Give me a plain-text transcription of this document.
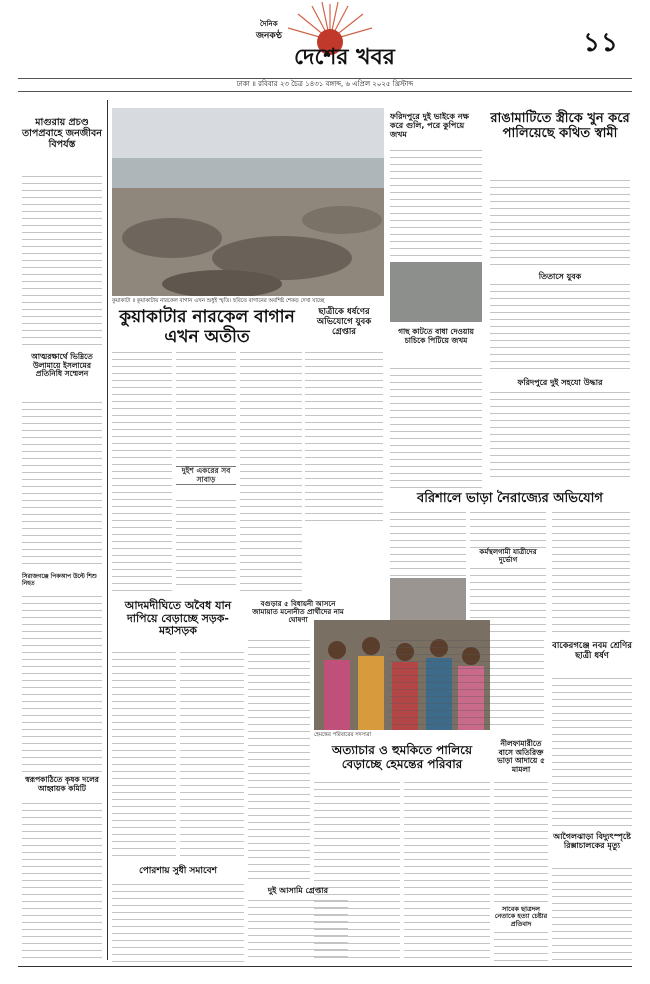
দৈনিক
জনকণ্ঠ
দেশের খবর	১১
ঢাকা ॥ রবিবার ২৩ চৈত্র ১৪৩১ বঙ্গাব্দ, ৬ এপ্রিল ২০২৫ খ্রিস্টাব্দ
মাগুরায় প্রচণ্ড তাপপ্রবাহে জনজীবন বিপর্যস্ত
আত্মরক্ষার্থে ভিম্নিতে উলামায়ে ইসলামের প্রতিনিধি সম্মেলন
সিরাজগঞ্জে পিকআপ উল্টে শিশু নিহত
স্বরূপকাঠিতে কৃষক দলের আহ্বায়ক কমিটি
কুয়াকাটা ॥ কুয়াকাটায় নারকেল বাগান এখন শুধুই স্মৃতি। ছবিতে বাগানের অবশিষ্ট শেকড় দেখা যাচ্ছে
কুয়াকাটার নারকেল বাগান এখন অতীত
ছাত্রীকে ধর্ষণের অভিযোগে যুবক গ্রেপ্তার
দুইশ একরের সব সাবাড়
ফরিদপুরে দুই ভাইকে নক্ষ করে গুলি, পরে কুপিয়ে জখম
গাছ কাটতে বাধা দেওয়ায় চাচিকে পিটিয়ে জখম
রাঙামাটিতে স্ত্রীকে খুন করে পালিয়েছে কথিত স্বামী
তিতাসে যুবক
ফরিদপুরে দুই সহযো উদ্ধার
বরিশালে ভাড়া নৈরাজ্যের অভিযোগ
কর্মস্থলগামী যাত্রীদের দুর্ভোগ
আদমদীঘিতে অবৈধ যান দাপিয়ে বেড়াচ্ছে সড়ক- মহাসড়ক
পোরশায় সুধী সমাবেশ
বগুড়ার ৫ বিধায়নী আসনে জামায়াত মনোনীত প্রার্থীদের নাম ঘোষণা
দুই আসামি গ্রেপ্তার
হেমন্তের পরিবারের সদস্যরা
অত্যাচার ও হুমকিতে পালিয়ে বেড়াচ্ছে হেমন্তের পরিবার
বাকেরগঞ্জে নবম শ্রেণির ছাত্রী ধর্ষণ
নীলফামারীতে বাসে অতিরিক্ত ভাড়া আদায়ে ৫ মামলা
সাবেক ছাত্রদল নেতাকে হত্যা চেষ্টার প্রতিবাদ
আগৈলঝাড়া বিদ্যুৎস্পৃষ্টে রিক্সাচালকের মৃত্যু
